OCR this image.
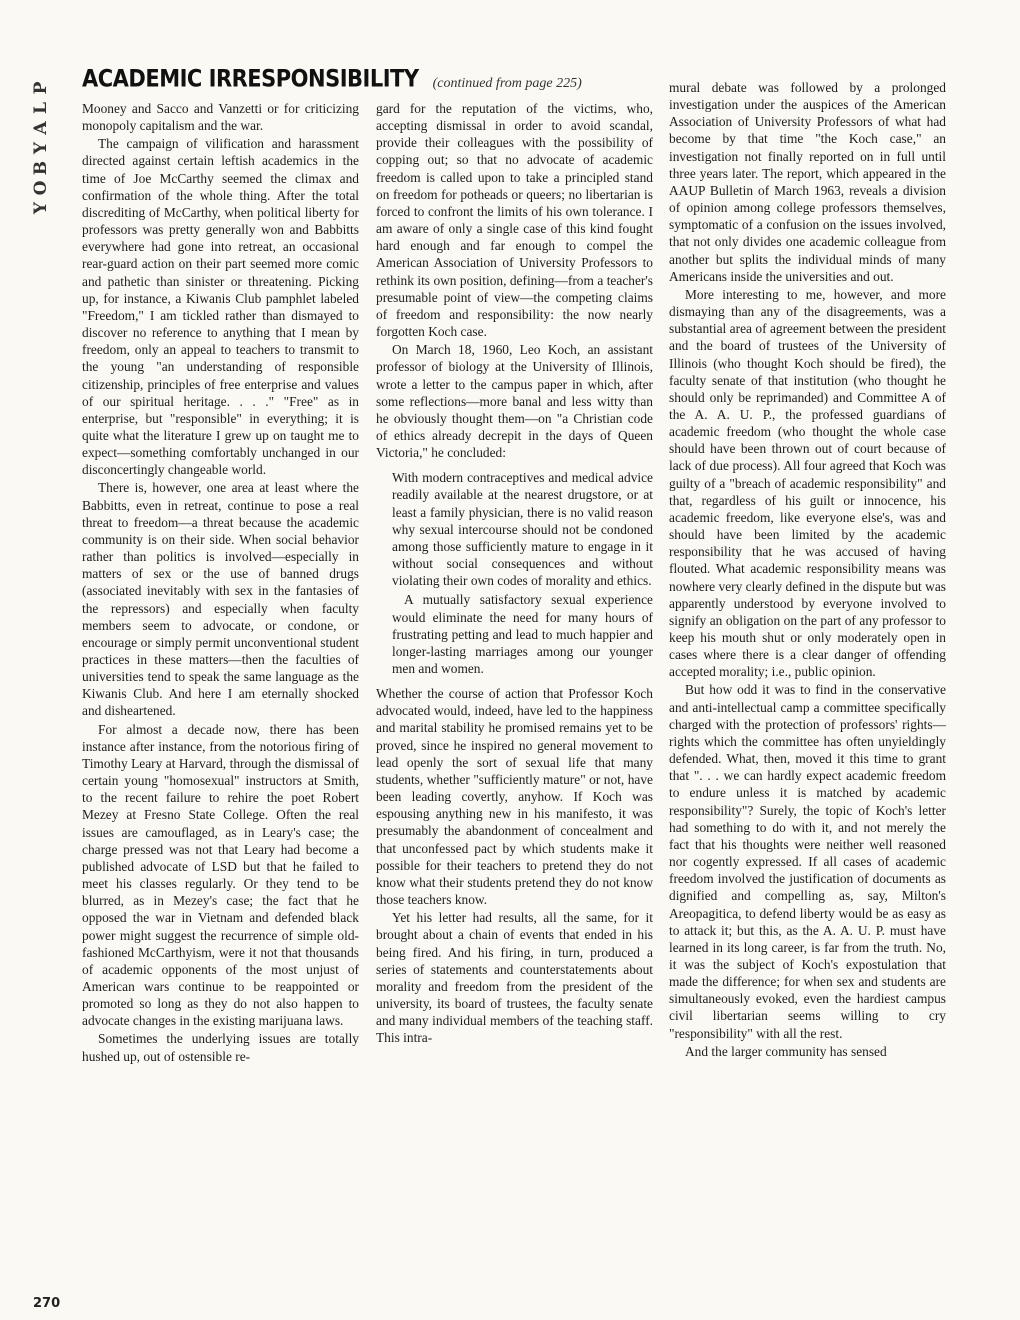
P
L
A
Y
B
O
Y
ACADEMIC IRRESPONSIBILITY (continued from page 225)

Mooney and Sacco and Vanzetti or for criticizing monopoly capitalism and the war.

The campaign of vilification and harassment directed against certain leftish academics in the time of Joe McCarthy seemed the climax and confirmation of the whole thing. After the total discrediting of McCarthy, when political liberty for professors was pretty generally won and Babbitts everywhere had gone into retreat, an occasional rear-guard action on their part seemed more comic and pathetic than sinister or threatening. Picking up, for instance, a Kiwanis Club pamphlet labeled "Freedom," I am tickled rather than dismayed to discover no reference to anything that I mean by freedom, only an appeal to teachers to transmit to the young "an understanding of responsible citizenship, principles of free enterprise and values of our spiritual heritage. . . ." "Free" as in enterprise, but "responsible" in everything; it is quite what the literature I grew up on taught me to expect—something comfortably unchanged in our disconcertingly changeable world.

There is, however, one area at least where the Babbitts, even in retreat, continue to pose a real threat to freedom—a threat because the academic community is on their side. When social behavior rather than politics is involved—especially in matters of sex or the use of banned drugs (associated inevitably with sex in the fantasies of the repressors) and especially when faculty members seem to advocate, or condone, or encourage or simply permit unconventional student practices in these matters—then the faculties of universities tend to speak the same language as the Kiwanis Club. And here I am eternally shocked and disheartened.

For almost a decade now, there has been instance after instance, from the notorious firing of Timothy Leary at Harvard, through the dismissal of certain young "homosexual" instructors at Smith, to the recent failure to rehire the poet Robert Mezey at Fresno State College. Often the real issues are camouflaged, as in Leary's case; the charge pressed was not that Leary had become a published advocate of LSD but that he failed to meet his classes regularly. Or they tend to be blurred, as in Mezey's case; the fact that he opposed the war in Vietnam and defended black power might suggest the recurrence of simple old-fashioned McCarthyism, were it not that thousands of academic opponents of the most unjust of American wars continue to be reappointed or promoted so long as they do not also happen to advocate changes in the existing marijuana laws.

Sometimes the underlying issues are totally hushed up, out of ostensible re-

gard for the reputation of the victims, who, accepting dismissal in order to avoid scandal, provide their colleagues with the possibility of copping out; so that no advocate of academic freedom is called upon to take a principled stand on freedom for potheads or queers; no libertarian is forced to confront the limits of his own tolerance. I am aware of only a single case of this kind fought hard enough and far enough to compel the American Association of University Professors to rethink its own position, defining—from a teacher's presumable point of view—the competing claims of freedom and responsibility: the now nearly forgotten Koch case.

On March 18, 1960, Leo Koch, an assistant professor of biology at the University of Illinois, wrote a letter to the campus paper in which, after some reflections—more banal and less witty than he obviously thought them—on "a Christian code of ethics already decrepit in the days of Queen Victoria," he concluded:

With modern contraceptives and medical advice readily available at the nearest drugstore, or at least a family physician, there is no valid reason why sexual intercourse should not be condoned among those sufficiently mature to engage in it without social consequences and without violating their own codes of morality and ethics.

A mutually satisfactory sexual experience would eliminate the need for many hours of frustrating petting and lead to much happier and longer-lasting marriages among our younger men and women.

Whether the course of action that Professor Koch advocated would, indeed, have led to the happiness and marital stability he promised remains yet to be proved, since he inspired no general movement to lead openly the sort of sexual life that many students, whether "sufficiently mature" or not, have been leading covertly, anyhow. If Koch was espousing anything new in his manifesto, it was presumably the abandonment of concealment and that unconfessed pact by which students make it possible for their teachers to pretend they do not know what their students pretend they do not know those teachers know.

Yet his letter had results, all the same, for it brought about a chain of events that ended in his being fired. And his firing, in turn, produced a series of statements and counterstatements about morality and freedom from the president of the university, its board of trustees, the faculty senate and many individual members of the teaching staff. This intra-

mural debate was followed by a prolonged investigation under the auspices of the American Association of University Professors of what had become by that time "the Koch case," an investigation not finally reported on in full until three years later. The report, which appeared in the AAUP Bulletin of March 1963, reveals a division of opinion among college professors themselves, symptomatic of a confusion on the issues involved, that not only divides one academic colleague from another but splits the individual minds of many Americans inside the universities and out.

More interesting to me, however, and more dismaying than any of the disagreements, was a substantial area of agreement between the president and the board of trustees of the University of Illinois (who thought Koch should be fired), the faculty senate of that institution (who thought he should only be reprimanded) and Committee A of the A. A. U. P., the professed guardians of academic freedom (who thought the whole case should have been thrown out of court because of lack of due process). All four agreed that Koch was guilty of a "breach of academic responsibility" and that, regardless of his guilt or innocence, his academic freedom, like everyone else's, was and should have been limited by the academic responsibility that he was accused of having flouted. What academic responsibility means was nowhere very clearly defined in the dispute but was apparently understood by everyone involved to signify an obligation on the part of any professor to keep his mouth shut or only moderately open in cases where there is a clear danger of offending accepted morality; i.e., public opinion.

But how odd it was to find in the conservative and anti-intellectual camp a committee specifically charged with the protection of professors' rights—rights which the committee has often unyieldingly defended. What, then, moved it this time to grant that ". . . we can hardly expect academic freedom to endure unless it is matched by academic responsibility"? Surely, the topic of Koch's letter had something to do with it, and not merely the fact that his thoughts were neither well reasoned nor cogently expressed. If all cases of academic freedom involved the justification of documents as dignified and compelling as, say, Milton's Areopagitica, to defend liberty would be as easy as to attack it; but this, as the A. A. U. P. must have learned in its long career, is far from the truth. No, it was the subject of Koch's expostulation that made the difference; for when sex and students are simultaneously evoked, even the hardiest campus civil libertarian seems willing to cry "responsibility" with all the rest.

And the larger community has sensed

270
